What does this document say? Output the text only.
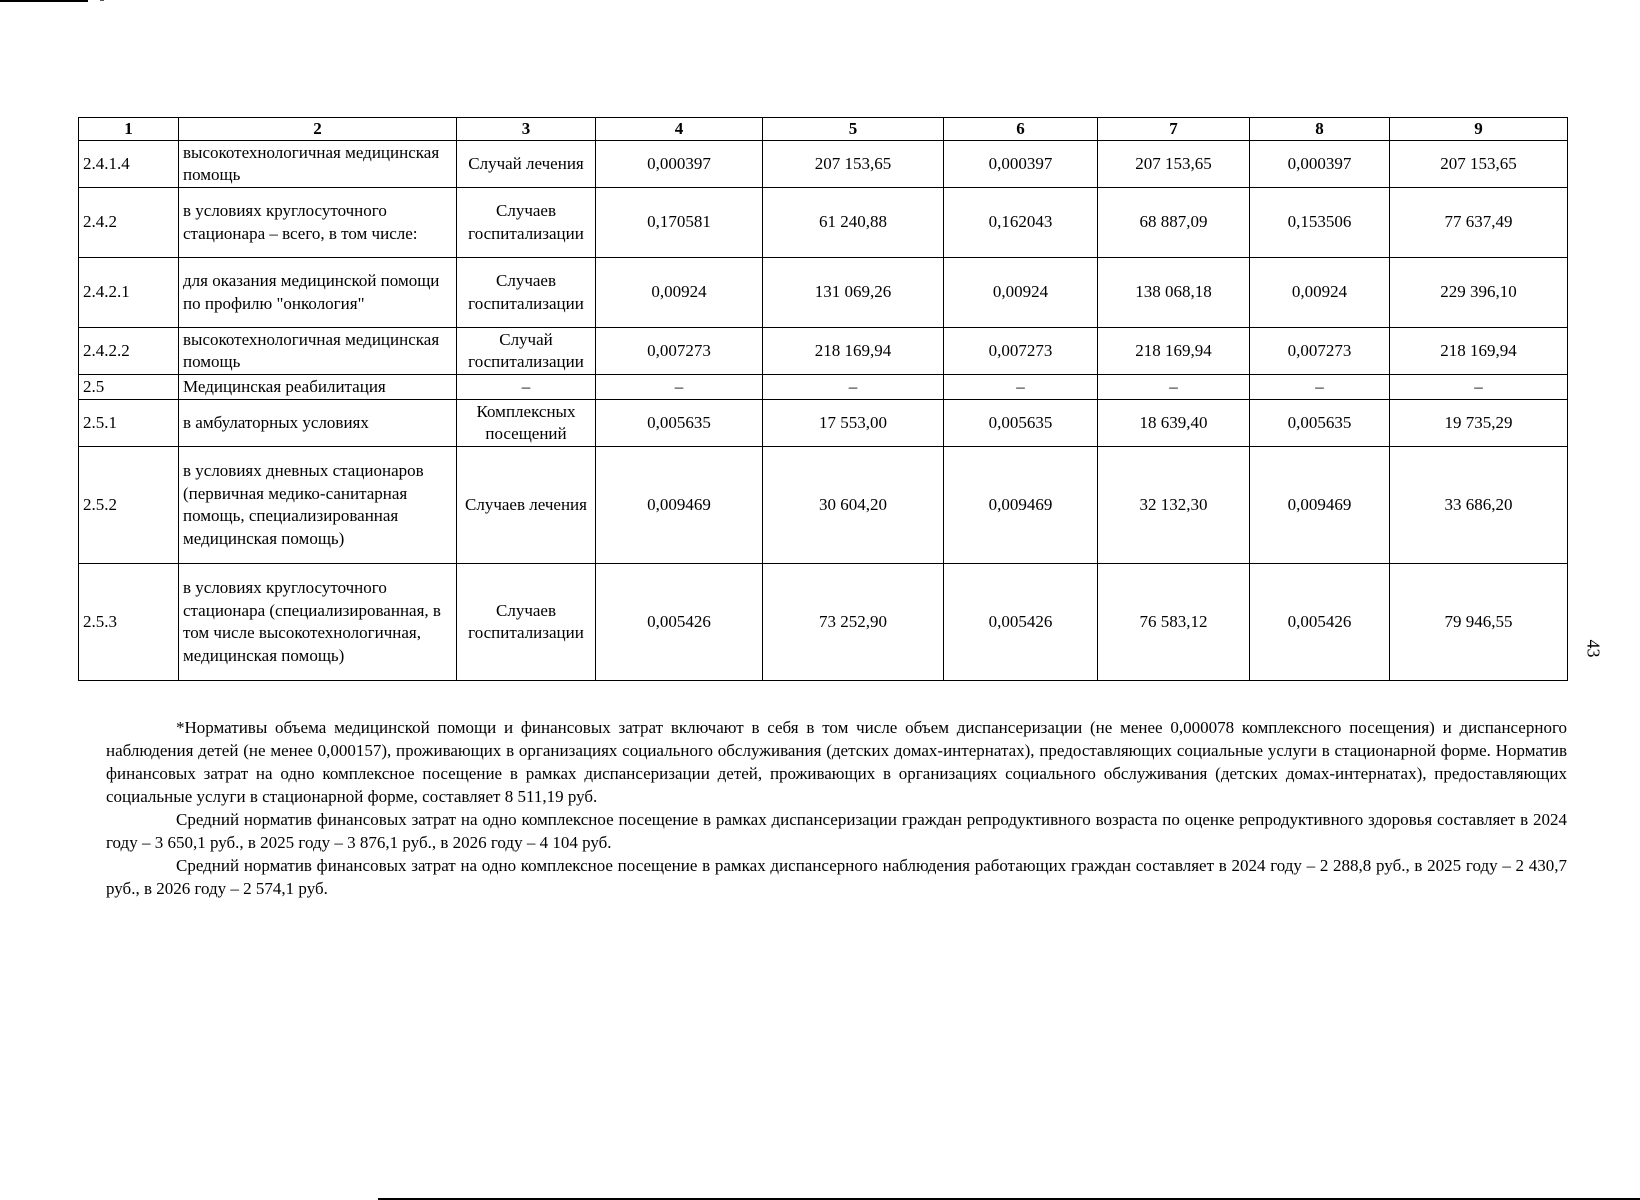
1	2	3	4	5	6	7	8	9
2.4.1.4	высокотехнологичная медицинская помощь	Случай лечения	0,000397	207 153,65	0,000397	207 153,65	0,000397	207 153,65
2.4.2	в условиях круглосуточного стационара – всего, в том числе:	Случаев госпитализации	0,170581	61 240,88	0,162043	68 887,09	0,153506	77 637,49
2.4.2.1	для оказания медицинской помощи по профилю "онкология"	Случаев госпитализации	0,00924	131 069,26	0,00924	138 068,18	0,00924	229 396,10
2.4.2.2	высокотехнологичная медицинская помощь	Случай госпитализации	0,007273	218 169,94	0,007273	218 169,94	0,007273	218 169,94
2.5	Медицинская реабилитация	–	–	–	–	–	–	–
2.5.1	в амбулаторных условиях	Комплексных посещений	0,005635	17 553,00	0,005635	18 639,40	0,005635	19 735,29
2.5.2	в условиях дневных стационаров (первичная медико-санитарная помощь, специализированная медицинская помощь)	Случаев лечения	0,009469	30 604,20	0,009469	32 132,30	0,009469	33 686,20
2.5.3	в условиях круглосуточного стационара (специализированная, в том числе высокотехнологичная, медицинская помощь)	Случаев госпитализации	0,005426	73 252,90	0,005426	76 583,12	0,005426	79 946,55
43

*Нормативы объема медицинской помощи и финансовых затрат включают в себя в том числе объем диспансеризации (не менее 0,000078 комплексного посещения) и диспансерного наблюдения детей (не менее 0,000157), проживающих в организациях социального обслуживания (детских домах-интернатах), предоставляющих социальные услуги в стационарной форме. Норматив финансовых затрат на одно комплексное посещение в рамках диспансеризации детей, проживающих в организациях социального обслуживания (детских домах-интернатах), предоставляющих социальные услуги в стационарной форме, составляет 8 511,19 руб.

Средний норматив финансовых затрат на одно комплексное посещение в рамках диспансеризации граждан репродуктивного возраста по оценке репродуктивного здоровья составляет в 2024 году – 3 650,1 руб., в 2025 году – 3 876,1 руб., в 2026 году – 4 104 руб.

Средний норматив финансовых затрат на одно комплексное посещение в рамках диспансерного наблюдения работающих граждан составляет в 2024 году – 2 288,8 руб., в 2025 году – 2 430,7 руб., в 2026 году – 2 574,1 руб.
